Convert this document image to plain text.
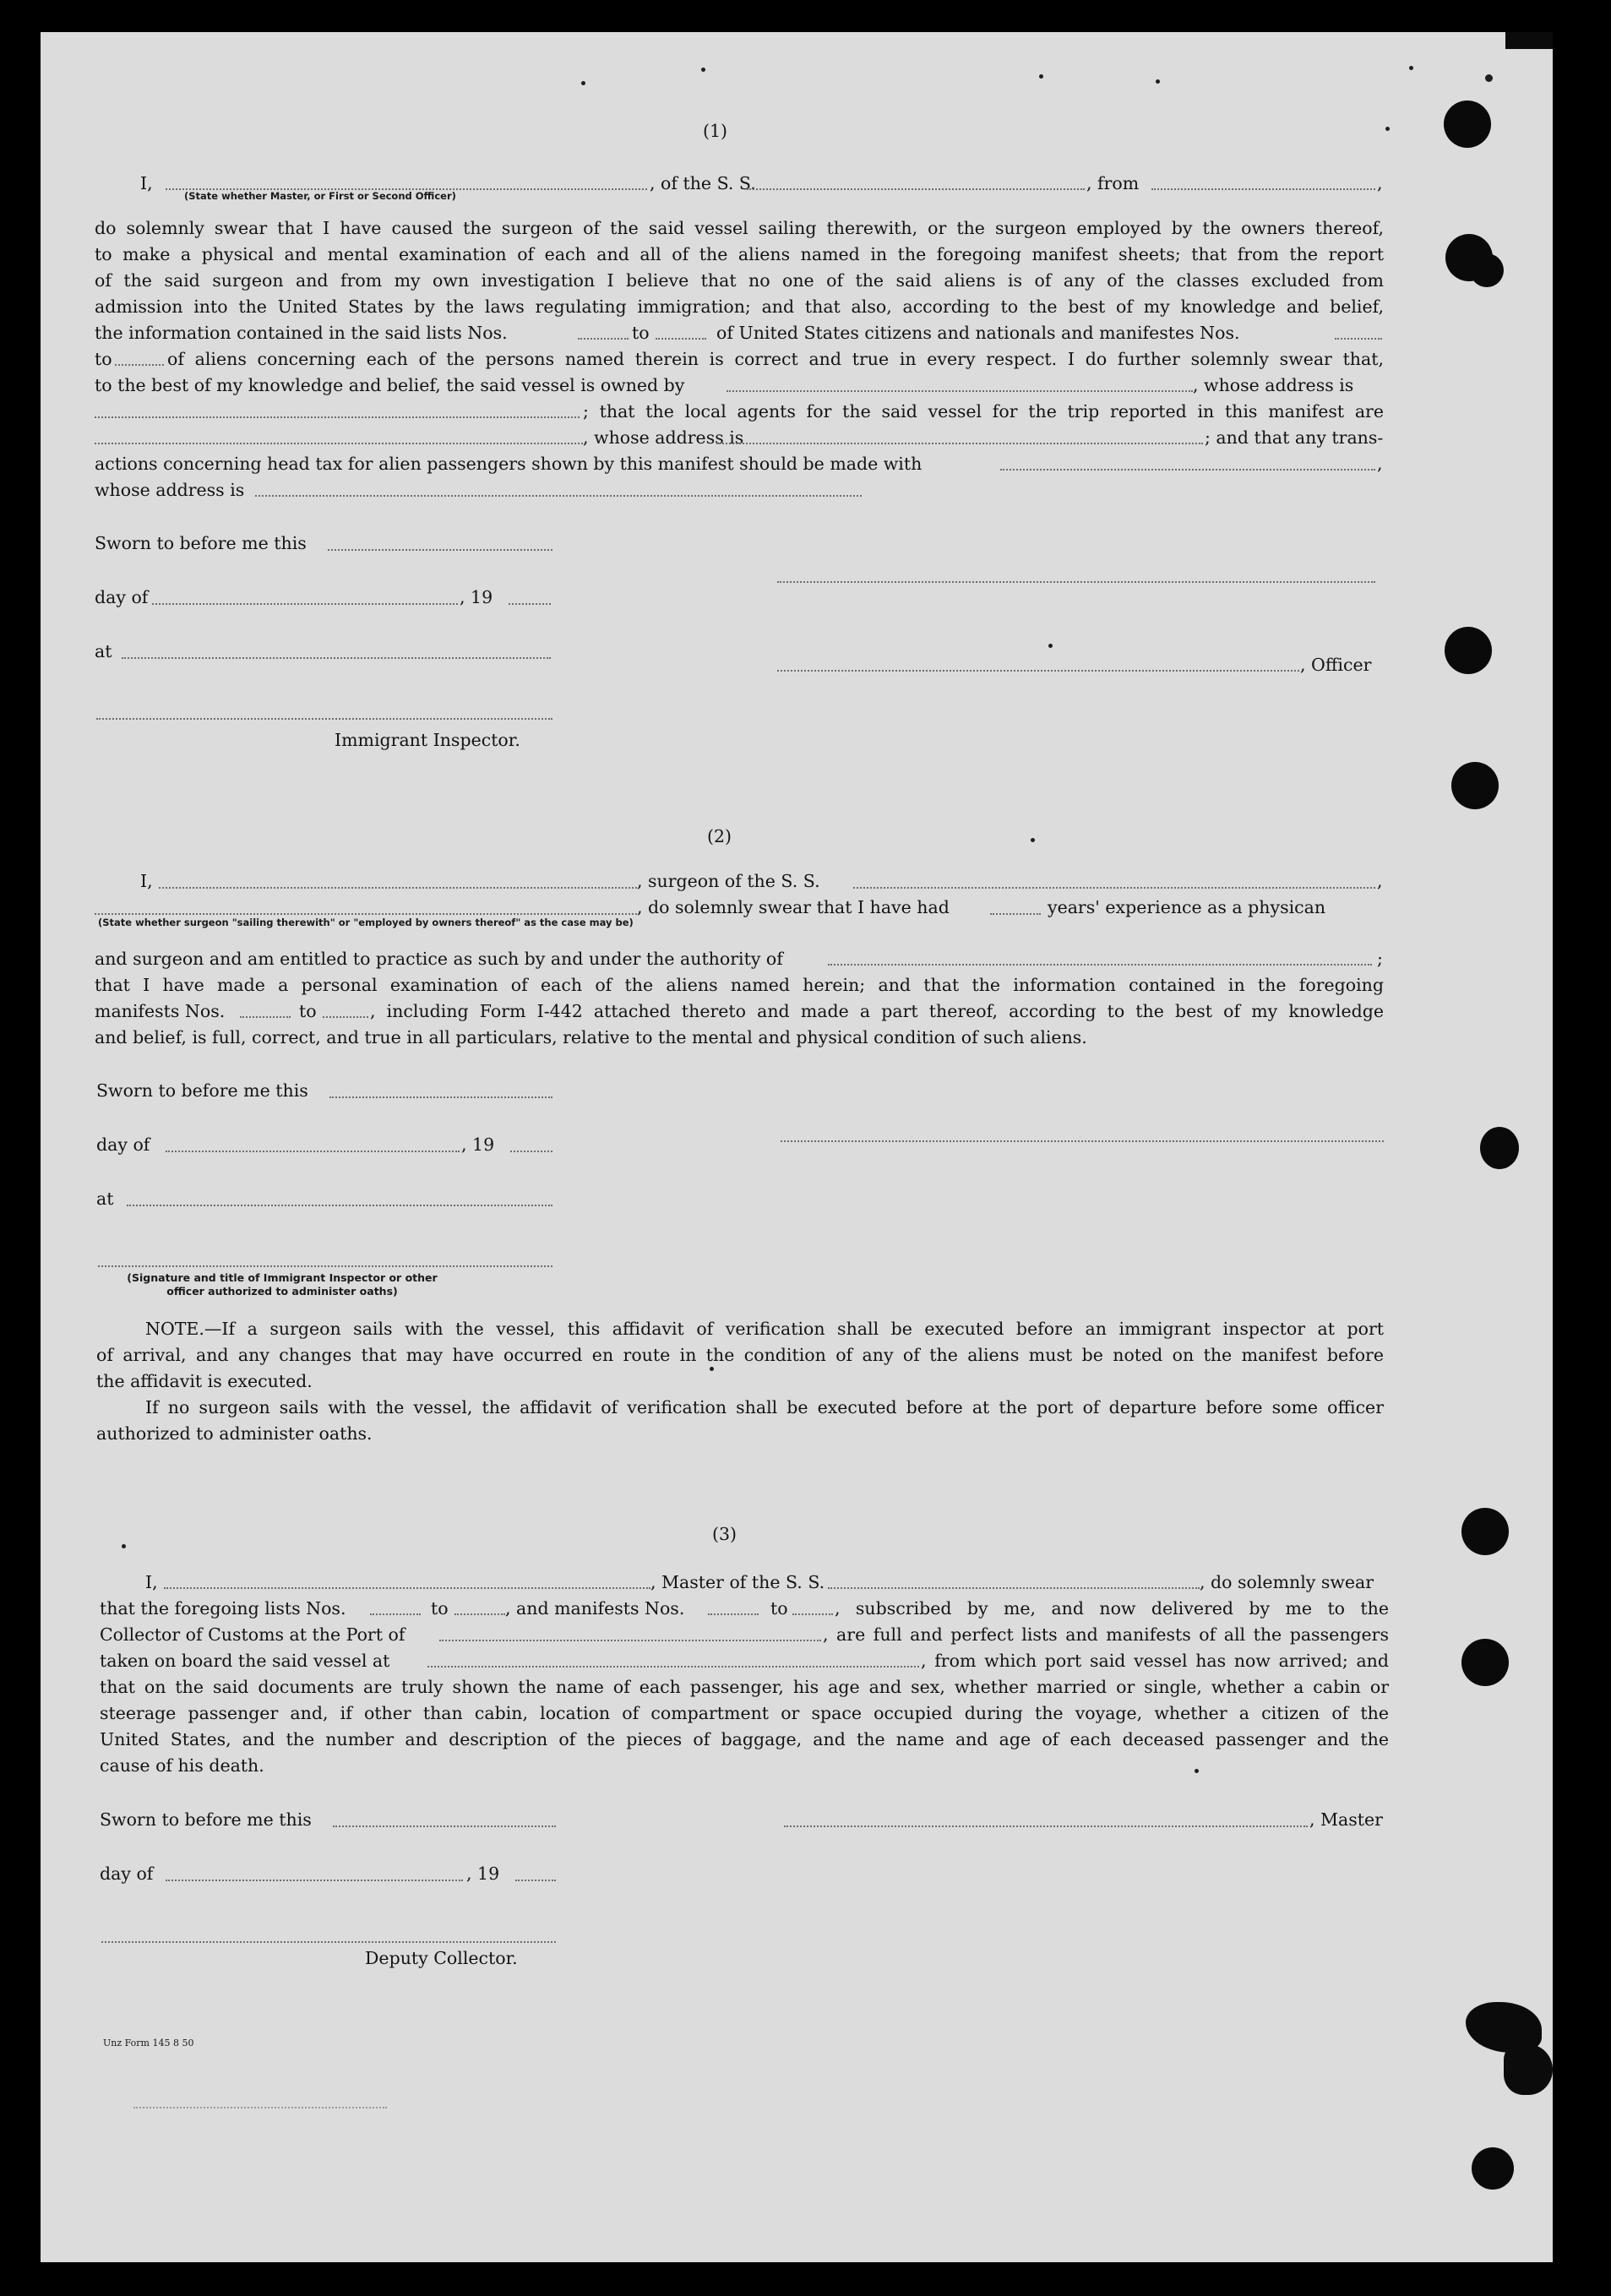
(1)
I,	, of the S. S.	, from	,
(State whether Master, or First or Second Officer)
do solemnly swear that I have caused the surgeon of the said vessel sailing therewith, or the surgeon employed by the owners thereof,
to make a physical and mental examination of each and all of the aliens named in the foregoing manifest sheets; that from the report
of the said surgeon and from my own investigation I believe that no one of the said aliens is of any of the classes excluded from
admission into the United States by the laws regulating immigration; and that also, according to the best of my knowledge and belief,
the information contained in the said lists Nos.	to	of United States citizens and nationals and manifestes Nos.
to	of aliens concerning each of the persons named therein is correct and true in every respect. I do further solemnly swear that,
to the best of my knowledge and belief, the said vessel is owned by	, whose address is
; that the local agents for the said vessel for the trip reported in this manifest are
, whose address is	; and that any trans-
actions concerning head tax for alien passengers shown by this manifest should be made with	,
whose address is
Sworn to before me this
day of	, 19
at
, Officer
Immigrant Inspector.
(2)
I,	, surgeon of the S. S.	,
, do solemnly swear that I have had	years' experience as a physican
(State whether surgeon "sailing therewith" or "employed by owners thereof" as the case may be)
and surgeon and am entitled to practice as such by and under the authority of	;
that I have made a personal examination of each of the aliens named herein; and that the information contained in the foregoing
manifests Nos.	to	, including Form I-442 attached thereto and made a part thereof, according to the best of my knowledge
and belief, is full, correct, and true in all particulars, relative to the mental and physical condition of such aliens.
Sworn to before me this
day of	, 19
at
(Signature and title of Immigrant Inspector or other officer authorized to administer oaths)
NOTE.—If a surgeon sails with the vessel, this affidavit of verification shall be executed before an immigrant inspector at port
of arrival, and any changes that may have occurred en route in the condition of any of the aliens must be noted on the manifest before
the affidavit is executed.
If no surgeon sails with the vessel, the affidavit of verification shall be executed before at the port of departure before some officer
authorized to administer oaths.
(3)
I,	, Master of the S. S.	, do solemnly swear
that the foregoing lists Nos.	to	, and manifests Nos.	to	, subscribed by me, and now delivered by me to the
Collector of Customs at the Port of	, are full and perfect lists and manifests of all the passengers
taken on board the said vessel at	, from which port said vessel has now arrived; and
that on the said documents are truly shown the name of each passenger, his age and sex, whether married or single, whether a cabin or
steerage passenger and, if other than cabin, location of compartment or space occupied during the voyage, whether a citizen of the
United States, and the number and description of the pieces of baggage, and the name and age of each deceased passenger and the
cause of his death.
Sworn to before me this	, Master
day of	, 19
Deputy Collector.
Unz Form 145 8 50
